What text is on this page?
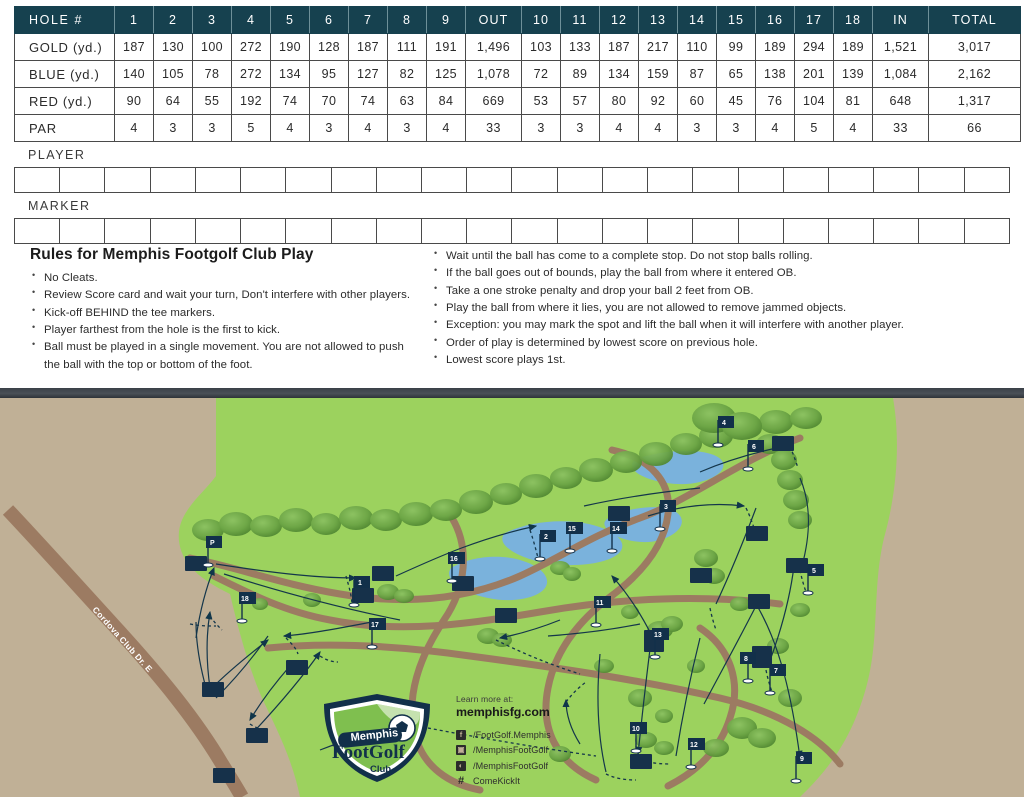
HOLE #	1	2	3	4	5	6	7	8	9	OUT	10	11	12	13	14	15	16	17	18	IN	TOTAL
GOLD (yd.)	187	130	100	272	190	128	187	111	191	1,496	103	133	187	217	110	99	189	294	189	1,521	3,017
BLUE (yd.)	140	105	78	272	134	95	127	82	125	1,078	72	89	134	159	87	65	138	201	139	1,084	2,162
RED (yd.)	90	64	55	192	74	70	74	63	84	669	53	57	80	92	60	45	76	104	81	648	1,317
PAR	4	3	3	5	4	3	4	3	4	33	3	3	4	4	3	3	4	5	4	33	66
PLAYER

MARKER

Rules for Memphis Footgolf Club Play
• No Cleats.
• Review Score card and wait your turn, Don't interfere with other players.
• Kick-off BEHIND the tee markers.
• Player farthest from the hole is the first to kick.
• Ball must be played in a single movement. You are not allowed to push the ball with the top or bottom of the foot.
• Wait until the ball has come to a complete stop. Do not stop balls rolling.
• If the ball goes out of bounds, play the ball from where it entered OB.
• Take a one stroke penalty and drop your ball 2 feet from OB.
• Play the ball from where it lies, you are not allowed to remove jammed objects.
• Exception: you may mark the spot and lift the ball when it will interfere with another player.
• Order of play is determined by lowest score on previous hole.
• Lowest score plays 1st.
Cordova Club Dr. E
1
2
3
4
5
6
7
8
9
10
11
12
13
14
15
16
17
18
P
Memphis
FootGolf
Club
Learn more at:
memphisfg.com
f	/FootGolf.Memphis
▣ /MemphisFootGolf
◐	/MemphisFootGolf
# ComeKickIt
